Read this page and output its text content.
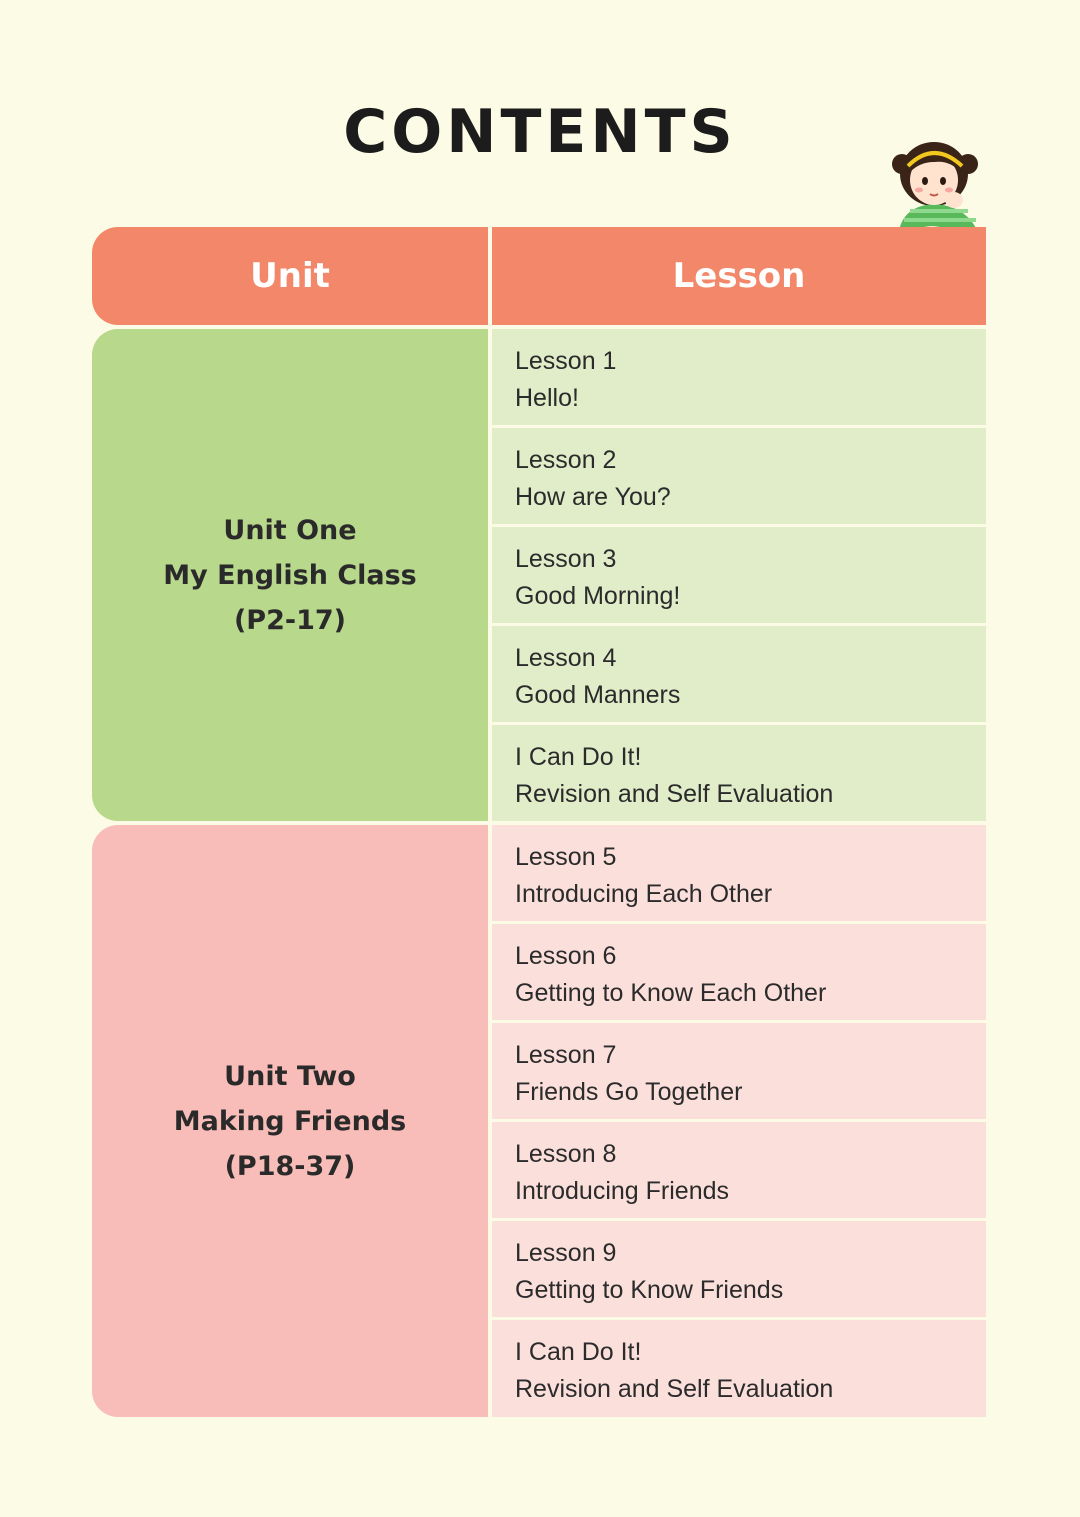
CONTENTS
Unit	Lesson
Unit One
My English Class
(P2-17)
Lesson 1
Hello!
Lesson 2
How are You?
Lesson 3
Good Morning!
Lesson 4
Good Manners
I Can Do It!
Revision and Self Evaluation
Unit Two
Making Friends
(P18-37)
Lesson 5
Introducing Each Other
Lesson 6
Getting to Know Each Other
Lesson 7
Friends Go Together
Lesson 8
Introducing Friends
Lesson 9
Getting to Know Friends
I Can Do It!
Revision and Self Evaluation
